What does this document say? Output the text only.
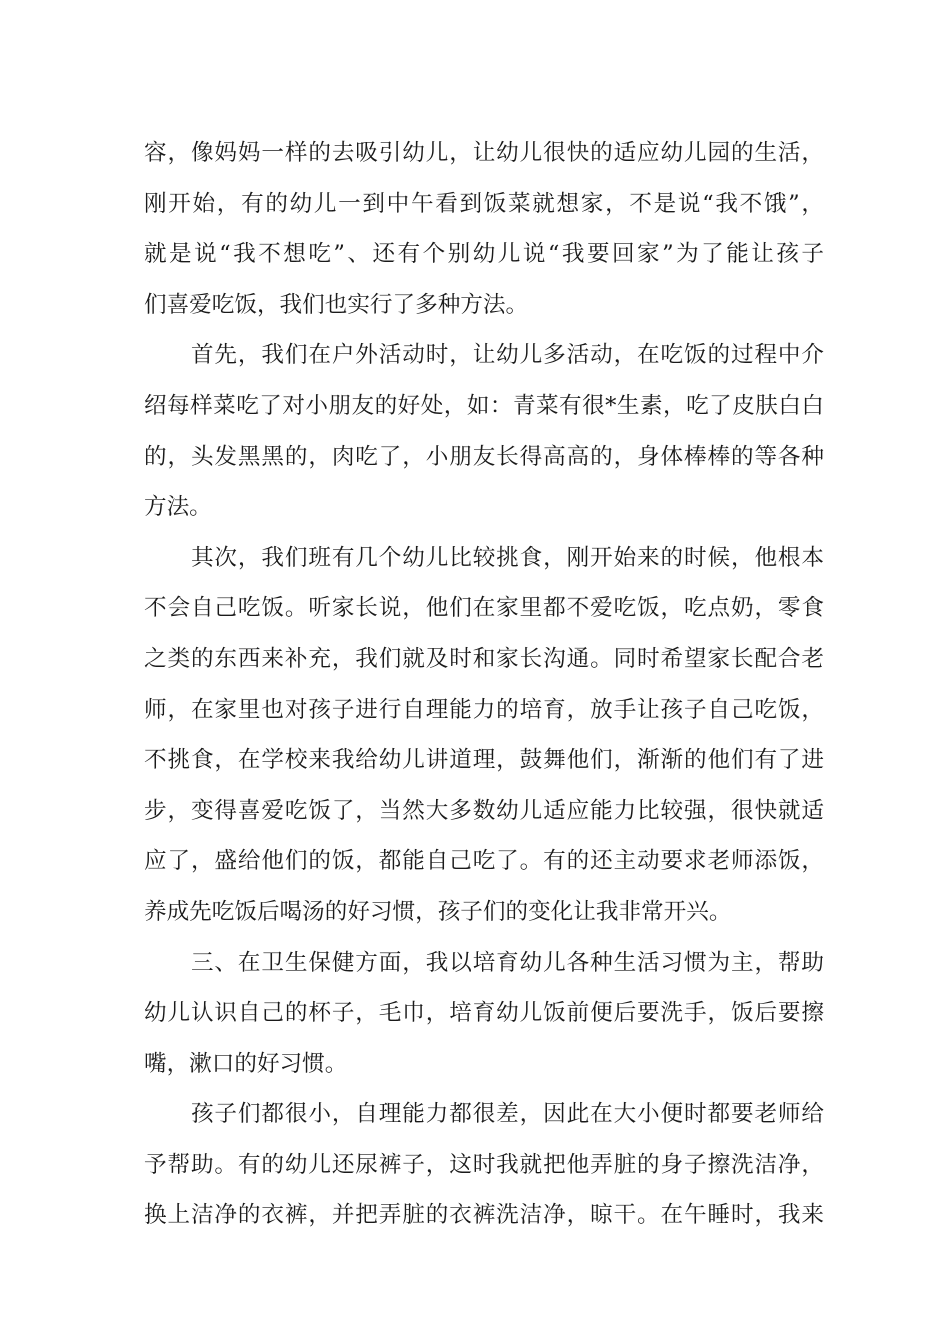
容，像妈妈一样的去吸引幼儿，让幼儿很快的适应幼儿园的生活，
刚开始，有的幼儿一到中午看到饭菜就想家，不是说“我不饿”，
就是说“我不想吃”、还有个别幼儿说“我要回家”为了能让孩子
们喜爱吃饭，我们也实行了多种方法。
　　首先，我们在户外活动时，让幼儿多活动，在吃饭的过程中介
绍每样菜吃了对小朋友的好处，如：青菜有很*生素，吃了皮肤白白
的，头发黑黑的，肉吃了，小朋友长得高高的，身体棒棒的等各种
方法。
　　其次，我们班有几个幼儿比较挑食，刚开始来的时候，他根本
不会自己吃饭。听家长说，他们在家里都不爱吃饭，吃点奶，零食
之类的东西来补充，我们就及时和家长沟通。同时希望家长配合老
师，在家里也对孩子进行自理能力的培育，放手让孩子自己吃饭，
不挑食，在学校来我给幼儿讲道理，鼓舞他们，渐渐的他们有了进
步，变得喜爱吃饭了，当然大多数幼儿适应能力比较强，很快就适
应了，盛给他们的饭，都能自己吃了。有的还主动要求老师添饭，
养成先吃饭后喝汤的好习惯，孩子们的变化让我非常开兴。
　　三、在卫生保健方面，我以培育幼儿各种生活习惯为主，帮助
幼儿认识自己的杯子，毛巾，培育幼儿饭前便后要洗手，饭后要擦
嘴，漱口的好习惯。
　　孩子们都很小，自理能力都很差，因此在大小便时都要老师给
予帮助。有的幼儿还尿裤子，这时我就把他弄脏的身子擦洗洁净，
换上洁净的衣裤，并把弄脏的衣裤洗洁净，晾干。在午睡时，我来
